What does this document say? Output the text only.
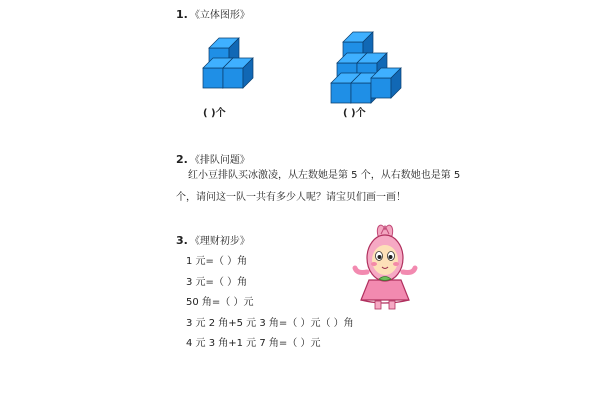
1. 《立体图形》
( )个	( )个
2. 《排队问题》
红小豆排队买冰激凌，从左数她是第 5 个，从右数她也是第 5
个，请问这一队一共有多少人呢？请宝贝们画一画！
3. 《理财初步》
1 元=（ ）角
3 元=（ ）角
50 角=（ ）元
3 元 2 角+5 元 3 角=（ ）元（ ）角
4 元 3 角+1 元 7 角=（ ）元
